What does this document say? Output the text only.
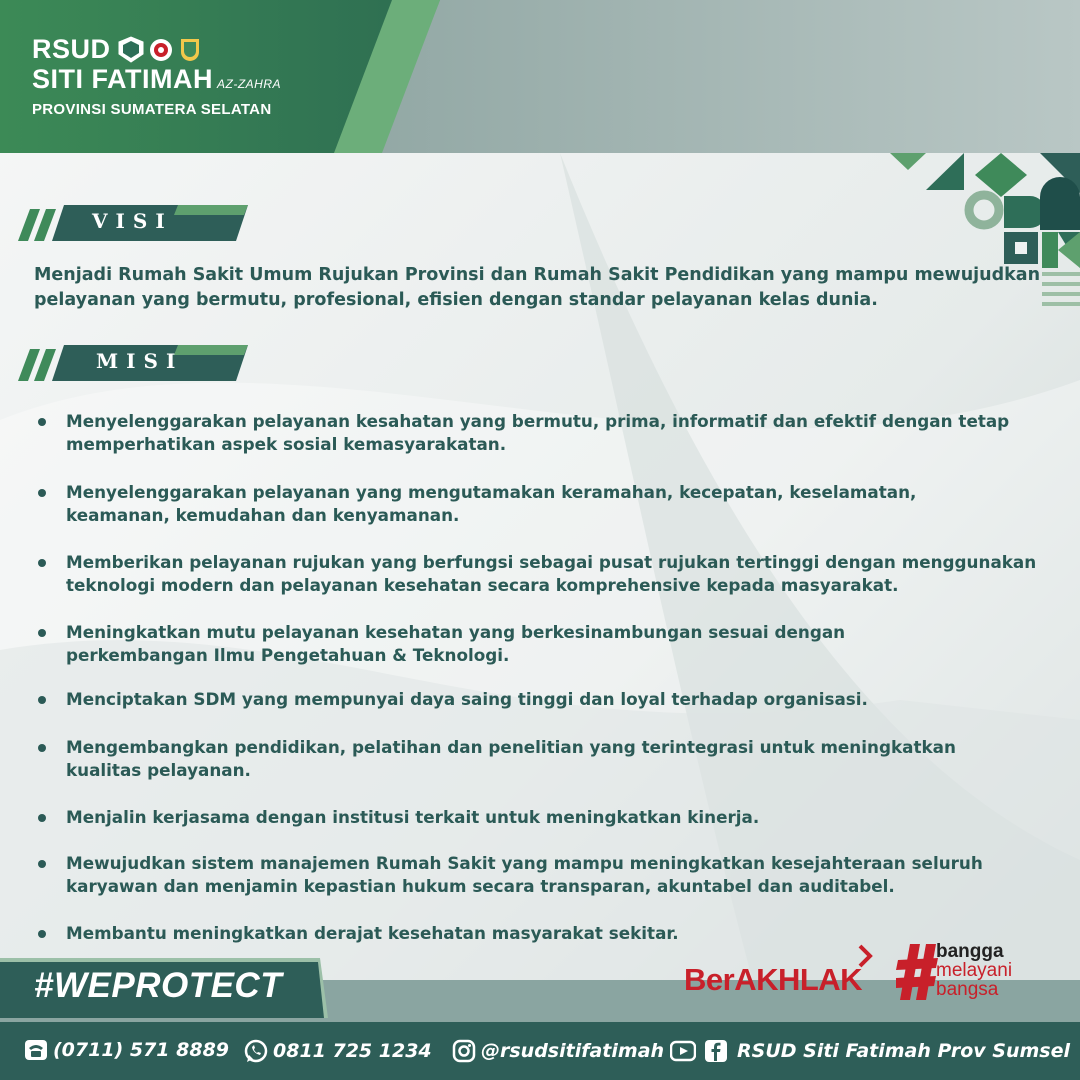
RSUD
SITI FATIMAH AZ-ZAHRA
PROVINSI SUMATERA SELATAN
VISI
Menjadi Rumah Sakit Umum Rujukan Provinsi dan Rumah Sakit Pendidikan yang mampu mewujudkan pelayanan yang bermutu, profesional, efisien dengan standar pelayanan kelas dunia.
MISI
Menyelenggarakan pelayanan kesahatan yang bermutu, prima, informatif dan efektif dengan tetap memperhatikan aspek sosial kemasyarakatan.
Menyelenggarakan pelayanan yang mengutamakan keramahan, kecepatan, keselamatan, keamanan, kemudahan dan kenyamanan.
Memberikan pelayanan rujukan yang berfungsi sebagai pusat rujukan tertinggi dengan menggunakan teknologi modern dan pelayanan kesehatan secara komprehensive kepada masyarakat.
Meningkatkan mutu pelayanan kesehatan yang berkesinambungan sesuai dengan perkembangan Ilmu Pengetahuan & Teknologi.
Menciptakan SDM yang mempunyai daya saing tinggi dan loyal terhadap organisasi.
Mengembangkan pendidikan, pelatihan dan penelitian yang terintegrasi untuk meningkatkan kualitas pelayanan.
Menjalin kerjasama dengan institusi terkait untuk meningkatkan kinerja.
Mewujudkan sistem manajemen Rumah Sakit yang mampu meningkatkan kesejahteraan seluruh karyawan dan menjamin kepastian hukum secara transparan, akuntabel dan auditabel.
Membantu meningkatkan derajat kesehatan masyarakat sekitar.
#WEPROTECT	BerAKHLAK
bangga
melayani
bangsa
(0711) 571 8889 0811 725 1234	@rsudsitifatimah	RSUD Siti Fatimah Prov Sumsel
